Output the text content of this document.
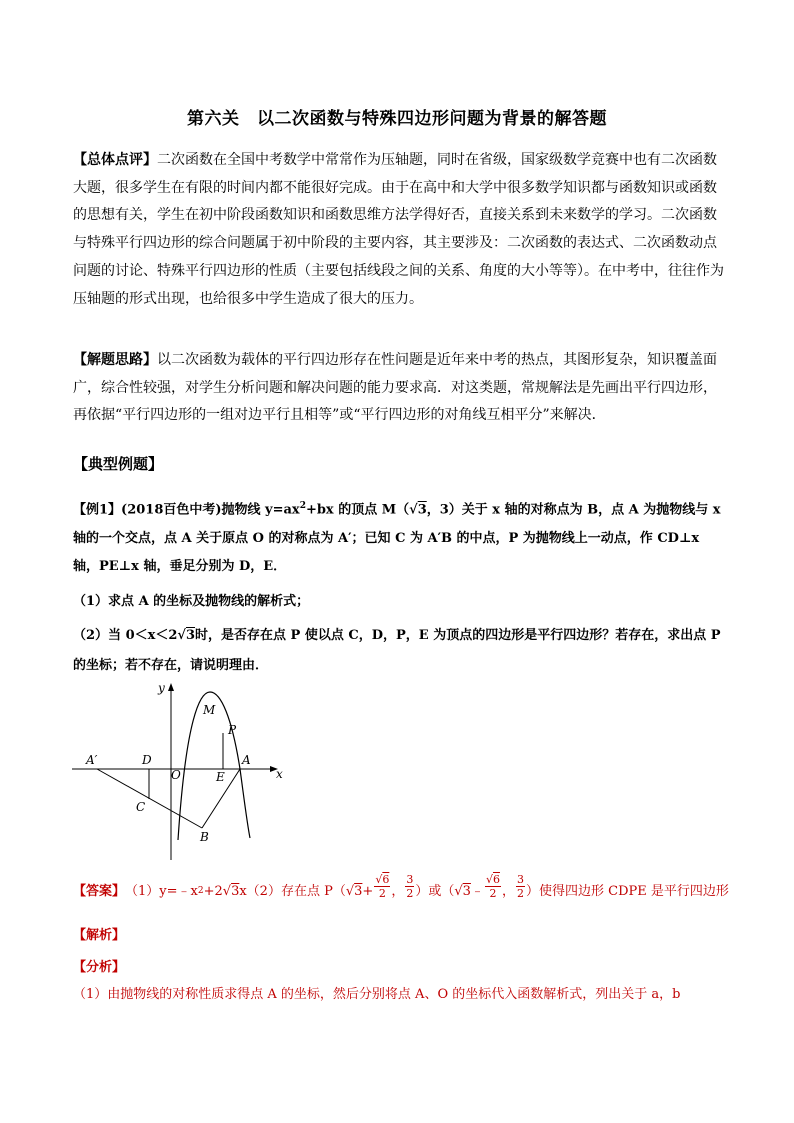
第六关　以二次函数与特殊四边形问题为背景的解答题
【总体点评】二次函数在全国中考数学中常常作为压轴题，同时在省级，国家级数学竞赛中也有二次函数大题，很多学生在有限的时间内都不能很好完成。由于在高中和大学中很多数学知识都与函数知识或函数的思想有关，学生在初中阶段函数知识和函数思维方法学得好否，直接关系到未来数学的学习。二次函数与特殊平行四边形的综合问题属于初中阶段的主要内容，其主要涉及：二次函数的表达式、二次函数动点问题的讨论、特殊平行四边形的性质（主要包括线段之间的关系、角度的大小等等）。在中考中，往往作为压轴题的形式出现，也给很多中学生造成了很大的压力。
【解题思路】以二次函数为载体的平行四边形存在性问题是近年来中考的热点，其图形复杂，知识覆盖面广，综合性较强，对学生分析问题和解决问题的能力要求高．对这类题，常规解法是先画出平行四边形，再依据“平行四边形的一组对边平行且相等”或“平行四边形的对角线互相平分”来解决．
【典型例题】
【例1】(2018百色中考)抛物线 $y=ax^2+bx$ 的顶点 M（√3，3）关于 x 轴的对称点为 B，点 A 为抛物线与 x 轴的一个交点，点 A 关于原点 O 的对称点为 A′；已知 C 为 A′B 的中点，P 为抛物线上一动点，作 CD⊥x 轴，PE⊥x 轴，垂足分别为 D，E．
（1）求点 A 的坐标及抛物线的解析式；
（2）当 0＜x＜2√3时，是否存在点 P 使以点 C，D，P，E 为顶点的四边形是平行四边形？若存在，求出点 P 的坐标；若不存在，请说明理由．
x
y
M
P
A
A′	D
O	E
C
B
【答案】 （1）y=﹣x 2 +2 √ 3 x（2）存在点 P（ √ $3 + \frac{√6}{2}$ ， $\frac{3}{2}$ ）或（ √ 3 ﹣ $\frac{√6}{2}$ ， $\frac{3}{2}$ ）使得四边形 CDPE 是平行四边形
【解析】
【分析】
（1）由抛物线的对称性质求得点 A 的坐标，然后分别将点 A、O 的坐标代入函数解析式，列出关于 a，b
